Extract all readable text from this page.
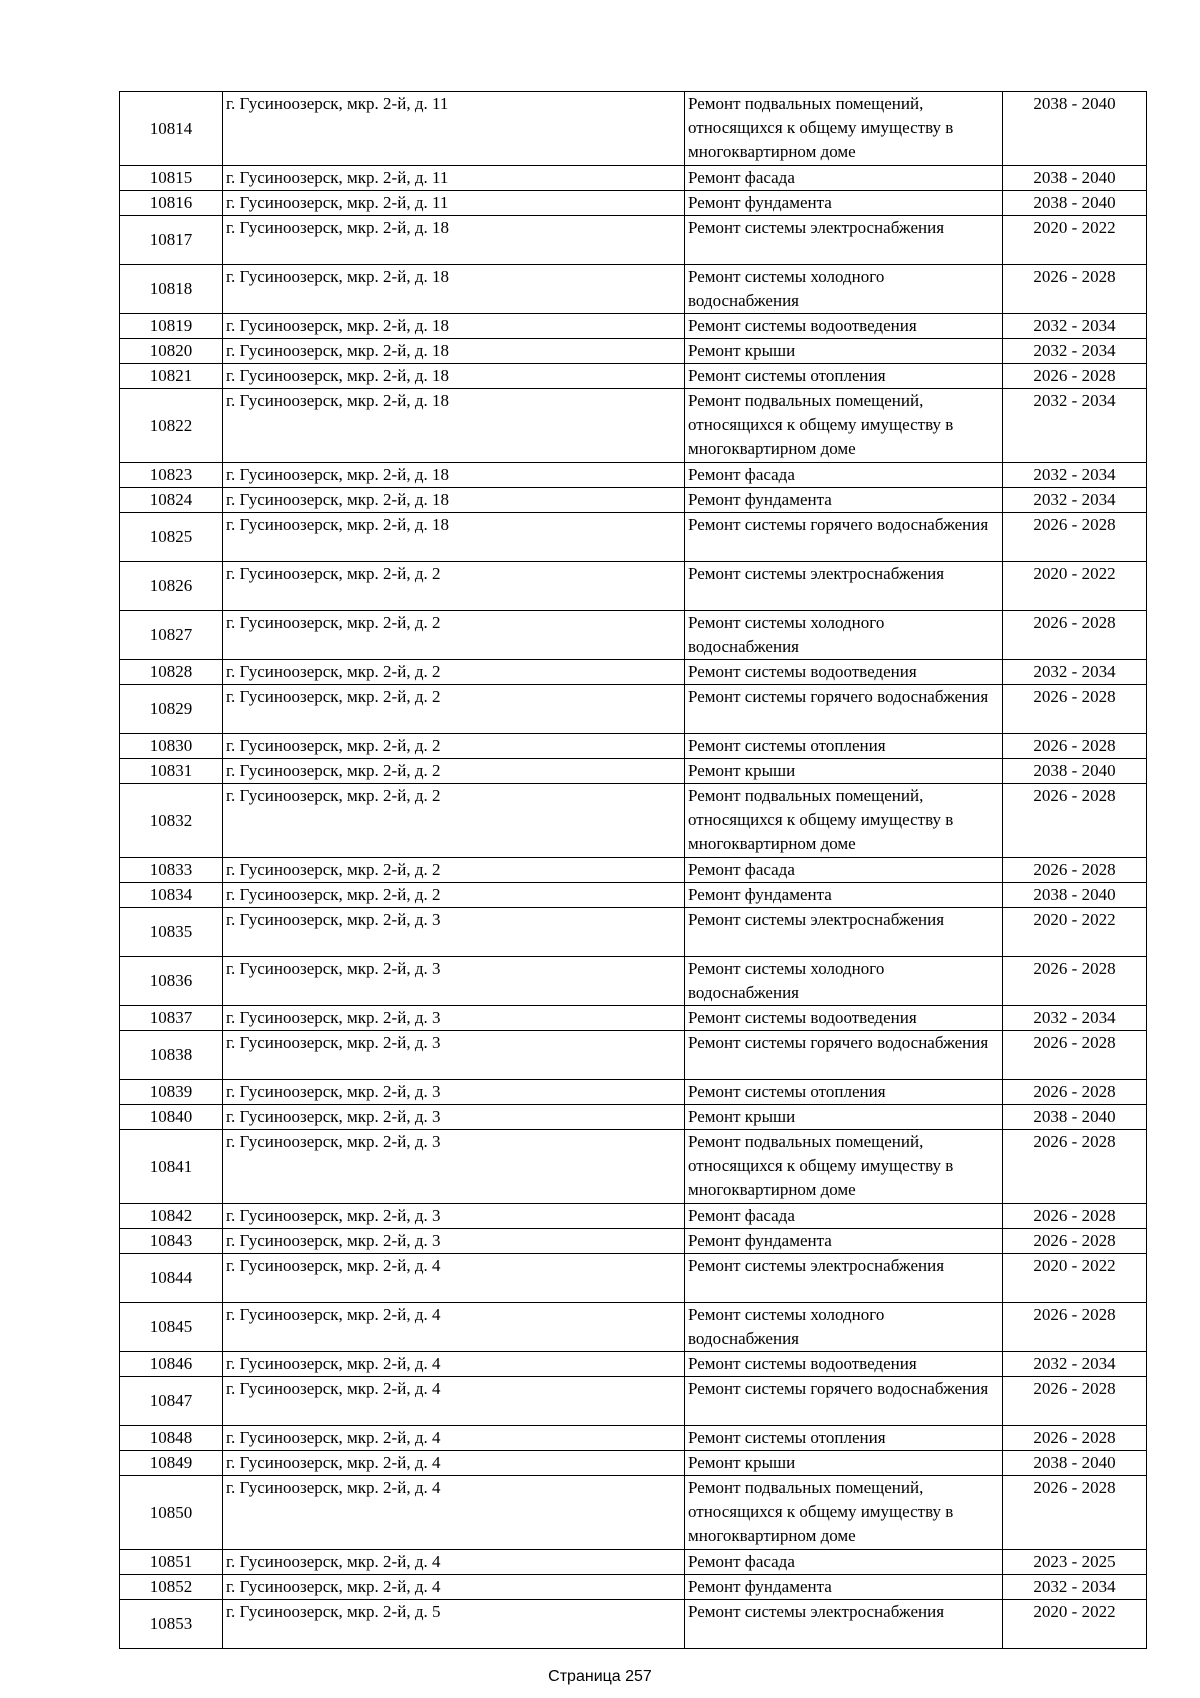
10814	г. Гусиноозерск, мкр. 2-й, д. 11	Ремонт подвальных помещений, относящихся к общему имуществу в многоквартирном доме	2038 - 2040
10815	г. Гусиноозерск, мкр. 2-й, д. 11	Ремонт фасада	2038 - 2040
10816	г. Гусиноозерск, мкр. 2-й, д. 11	Ремонт фундамента	2038 - 2040
10817	г. Гусиноозерск, мкр. 2-й, д. 18	Ремонт системы электроснабжения	2020 - 2022
10818	г. Гусиноозерск, мкр. 2-й, д. 18	Ремонт системы холодного водоснабжения	2026 - 2028
10819	г. Гусиноозерск, мкр. 2-й, д. 18	Ремонт системы водоотведения	2032 - 2034
10820	г. Гусиноозерск, мкр. 2-й, д. 18	Ремонт крыши	2032 - 2034
10821	г. Гусиноозерск, мкр. 2-й, д. 18	Ремонт системы отопления	2026 - 2028
10822	г. Гусиноозерск, мкр. 2-й, д. 18	Ремонт подвальных помещений, относящихся к общему имуществу в многоквартирном доме	2032 - 2034
10823	г. Гусиноозерск, мкр. 2-й, д. 18	Ремонт фасада	2032 - 2034
10824	г. Гусиноозерск, мкр. 2-й, д. 18	Ремонт фундамента	2032 - 2034
10825	г. Гусиноозерск, мкр. 2-й, д. 18	Ремонт системы горячего водоснабжения	2026 - 2028
10826	г. Гусиноозерск, мкр. 2-й, д. 2	Ремонт системы электроснабжения	2020 - 2022
10827	г. Гусиноозерск, мкр. 2-й, д. 2	Ремонт системы холодного водоснабжения	2026 - 2028
10828	г. Гусиноозерск, мкр. 2-й, д. 2	Ремонт системы водоотведения	2032 - 2034
10829	г. Гусиноозерск, мкр. 2-й, д. 2	Ремонт системы горячего водоснабжения	2026 - 2028
10830	г. Гусиноозерск, мкр. 2-й, д. 2	Ремонт системы отопления	2026 - 2028
10831	г. Гусиноозерск, мкр. 2-й, д. 2	Ремонт крыши	2038 - 2040
10832	г. Гусиноозерск, мкр. 2-й, д. 2	Ремонт подвальных помещений, относящихся к общему имуществу в многоквартирном доме	2026 - 2028
10833	г. Гусиноозерск, мкр. 2-й, д. 2	Ремонт фасада	2026 - 2028
10834	г. Гусиноозерск, мкр. 2-й, д. 2	Ремонт фундамента	2038 - 2040
10835	г. Гусиноозерск, мкр. 2-й, д. 3	Ремонт системы электроснабжения	2020 - 2022
10836	г. Гусиноозерск, мкр. 2-й, д. 3	Ремонт системы холодного водоснабжения	2026 - 2028
10837	г. Гусиноозерск, мкр. 2-й, д. 3	Ремонт системы водоотведения	2032 - 2034
10838	г. Гусиноозерск, мкр. 2-й, д. 3	Ремонт системы горячего водоснабжения	2026 - 2028
10839	г. Гусиноозерск, мкр. 2-й, д. 3	Ремонт системы отопления	2026 - 2028
10840	г. Гусиноозерск, мкр. 2-й, д. 3	Ремонт крыши	2038 - 2040
10841	г. Гусиноозерск, мкр. 2-й, д. 3	Ремонт подвальных помещений, относящихся к общему имуществу в многоквартирном доме	2026 - 2028
10842	г. Гусиноозерск, мкр. 2-й, д. 3	Ремонт фасада	2026 - 2028
10843	г. Гусиноозерск, мкр. 2-й, д. 3	Ремонт фундамента	2026 - 2028
10844	г. Гусиноозерск, мкр. 2-й, д. 4	Ремонт системы электроснабжения	2020 - 2022
10845	г. Гусиноозерск, мкр. 2-й, д. 4	Ремонт системы холодного водоснабжения	2026 - 2028
10846	г. Гусиноозерск, мкр. 2-й, д. 4	Ремонт системы водоотведения	2032 - 2034
10847	г. Гусиноозерск, мкр. 2-й, д. 4	Ремонт системы горячего водоснабжения	2026 - 2028
10848	г. Гусиноозерск, мкр. 2-й, д. 4	Ремонт системы отопления	2026 - 2028
10849	г. Гусиноозерск, мкр. 2-й, д. 4	Ремонт крыши	2038 - 2040
10850	г. Гусиноозерск, мкр. 2-й, д. 4	Ремонт подвальных помещений, относящихся к общему имуществу в многоквартирном доме	2026 - 2028
10851	г. Гусиноозерск, мкр. 2-й, д. 4	Ремонт фасада	2023 - 2025
10852	г. Гусиноозерск, мкр. 2-й, д. 4	Ремонт фундамента	2032 - 2034
10853	г. Гусиноозерск, мкр. 2-й, д. 5	Ремонт системы электроснабжения	2020 - 2022
Страница 257
